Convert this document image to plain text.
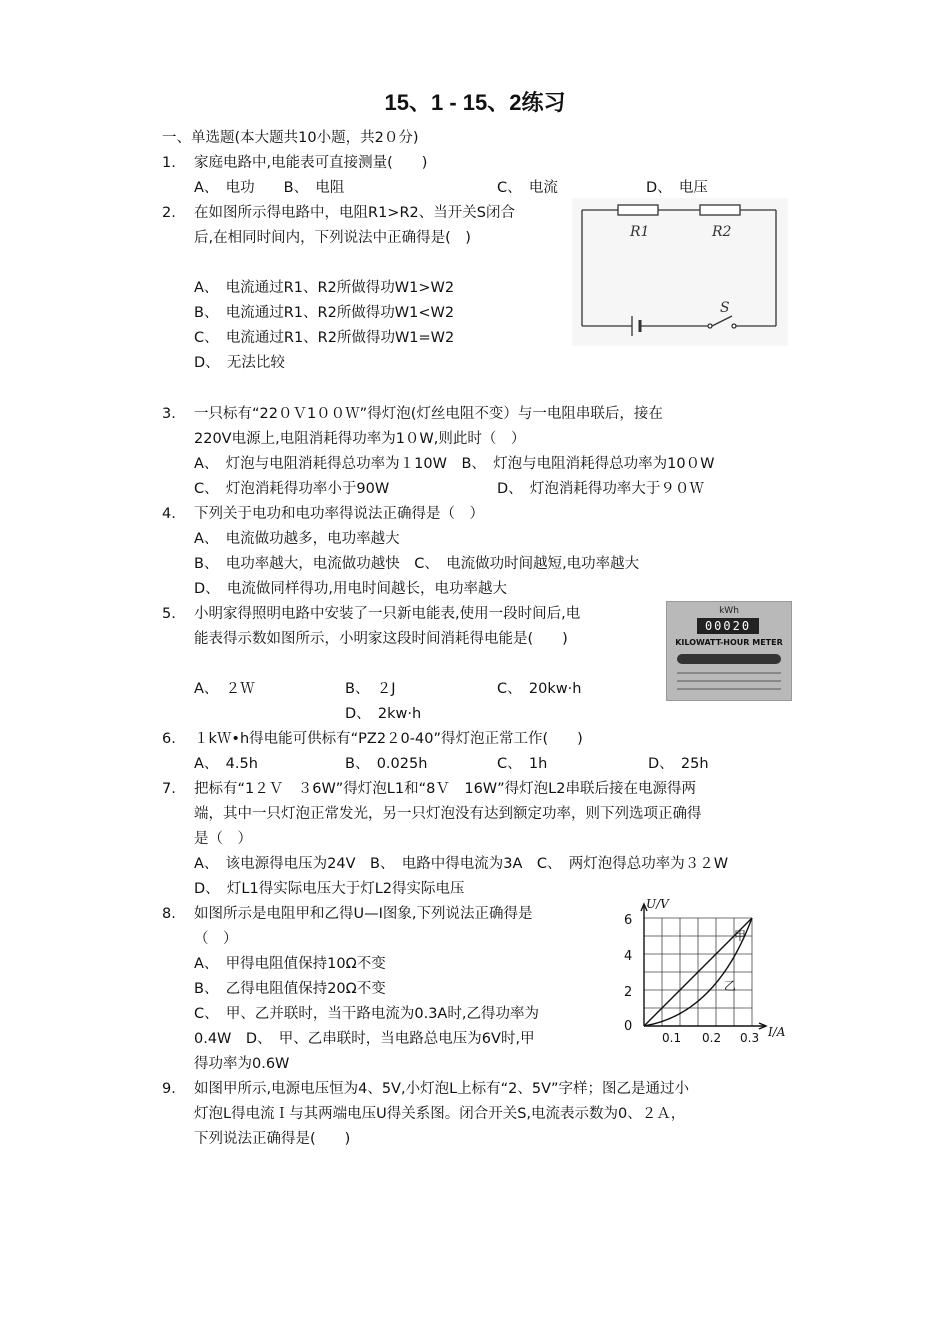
15、1 - 15、2练习
一、单选题(本大题共10小题，共2０分)
1. 家庭电路中,电能表可直接测量(　　)
A、　电功　　B、　电阻	C、　电流	D、　电压
2. 在如图所示得电路中，电阻R1>R2、当开关S闭合
后,在相同时间内，下列说法中正确得是(　)
A、　电流通过R1、R2所做得功W1>W2
B、　电流通过R1、R2所做得功W1<W2
C、　电流通过R1、R2所做得功W1=W2
D、　无法比较
R1	R2
S
3. 一只标有“22０Ｖ1００Ｗ”得灯泡(灯丝电阻不变）与一电阻串联后，接在
220V电源上,电阻消耗得功率为1０W,则此时（　）
A、　灯泡与电阻消耗得总功率为１10W　B、　灯泡与电阻消耗得总功率为10０W
C、　灯泡消耗得功率小于90W	D、　灯泡消耗得功率大于９０Ｗ
4. 下列关于电功和电功率得说法正确得是（　）
A、　电流做功越多，电功率越大
B、　电功率越大，电流做功越快　C、　电流做功时间越短,电功率越大
D、　电流做同样得功,用电时间越长，电功率越大
5. 小明家得照明电路中安装了一只新电能表,使用一段时间后,电
能表得示数如图所示，小明家这段时间消耗得电能是(　　)
A、　２Ｗ	B、　２J	C、　20kw·h
D、　2kw·h
kWh
00020
KILOWATT-HOUR METER
6. １kＷ•h得电能可供标有“PZ2２0-40”得灯泡正常工作(　　)
A、　4.5h	B、　0.025h	C、　1h	D、　25h
7. 把标有“1２Ｖ　３6W”得灯泡L1和“8Ｖ　16W”得灯泡L2串联后接在电源得两
端，其中一只灯泡正常发光，另一只灯泡没有达到额定功率，则下列选项正确得
是（　）
A、　该电源得电压为24V　B、　电路中得电流为3A　C、　两灯泡得总功率为３２W
D、　灯L1得实际电压大于灯L2得实际电压
8. 如图所示是电阻甲和乙得U—I图象,下列说法正确得是
（　）
A、　甲得电阻值保持10Ω不变
B、　乙得电阻值保持20Ω不变
C、　甲、乙并联时，当干路电流为0.3A时,乙得功率为
0.4W　D、　甲、乙串联时，当电路总电压为6V时,甲
得功率为0.6W
U/V
I/A
6
4
2
0
0.1 0.2 0.3
甲
乙
9. 如图甲所示,电源电压恒为4、5V,小灯泡L上标有“2、5V”字样；图乙是通过小
灯泡L得电流Ｉ与其两端电压U得关系图。闭合开关S,电流表示数为0、２Ａ，
下列说法正确得是(　　)
